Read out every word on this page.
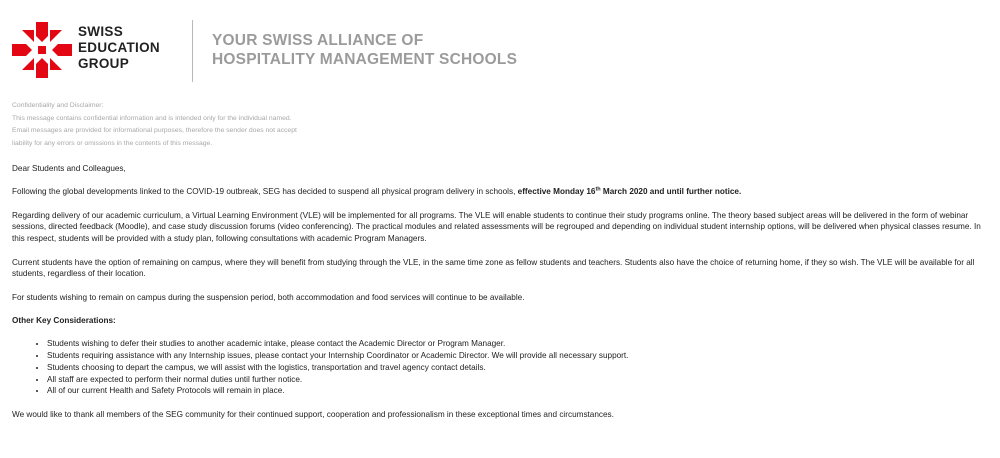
SWISS
EDUCATION
GROUP
YOUR SWISS ALLIANCE OF
HOSPITALITY MANAGEMENT SCHOOLS
Confidentiality and Disclaimer:
This message contains confidential information and is intended only for the individual named.
Email messages are provided for informational purposes, therefore the sender does not accept
liability for any errors or omissions in the contents of this message.

Dear Students and Colleagues,

Following the global developments linked to the COVID-19 outbreak, SEG has decided to suspend all physical program delivery in schools, effective Monday 16th March 2020 and until further notice.

Regarding delivery of our academic curriculum, a Virtual Learning Environment (VLE) will be implemented for all programs. The VLE will enable students to continue their study programs online. The theory based subject areas will be delivered in the form of webinar sessions, directed feedback (Moodle), and case study discussion forums (video conferencing). The practical modules and related assessments will be regrouped and depending on individual student internship options, will be delivered when physical classes resume. In this respect, students will be provided with a study plan, following consultations with academic Program Managers.

Current students have the option of remaining on campus, where they will benefit from studying through the VLE, in the same time zone as fellow students and teachers. Students also have the choice of returning home, if they so wish. The VLE will be available for all students, regardless of their location.

For students wishing to remain on campus during the suspension period, both accommodation and food services will continue to be available.

Other Key Considerations:

• Students wishing to defer their studies to another academic intake, please contact the Academic Director or Program Manager.
• Students requiring assistance with any Internship issues, please contact your Internship Coordinator or Academic Director. We will provide all necessary support.
• Students choosing to depart the campus, we will assist with the logistics, transportation and travel agency contact details.
• All staff are expected to perform their normal duties until further notice.
• All of our current Health and Safety Protocols will remain in place.

We would like to thank all members of the SEG community for their continued support, cooperation and professionalism in these exceptional times and circumstances.
